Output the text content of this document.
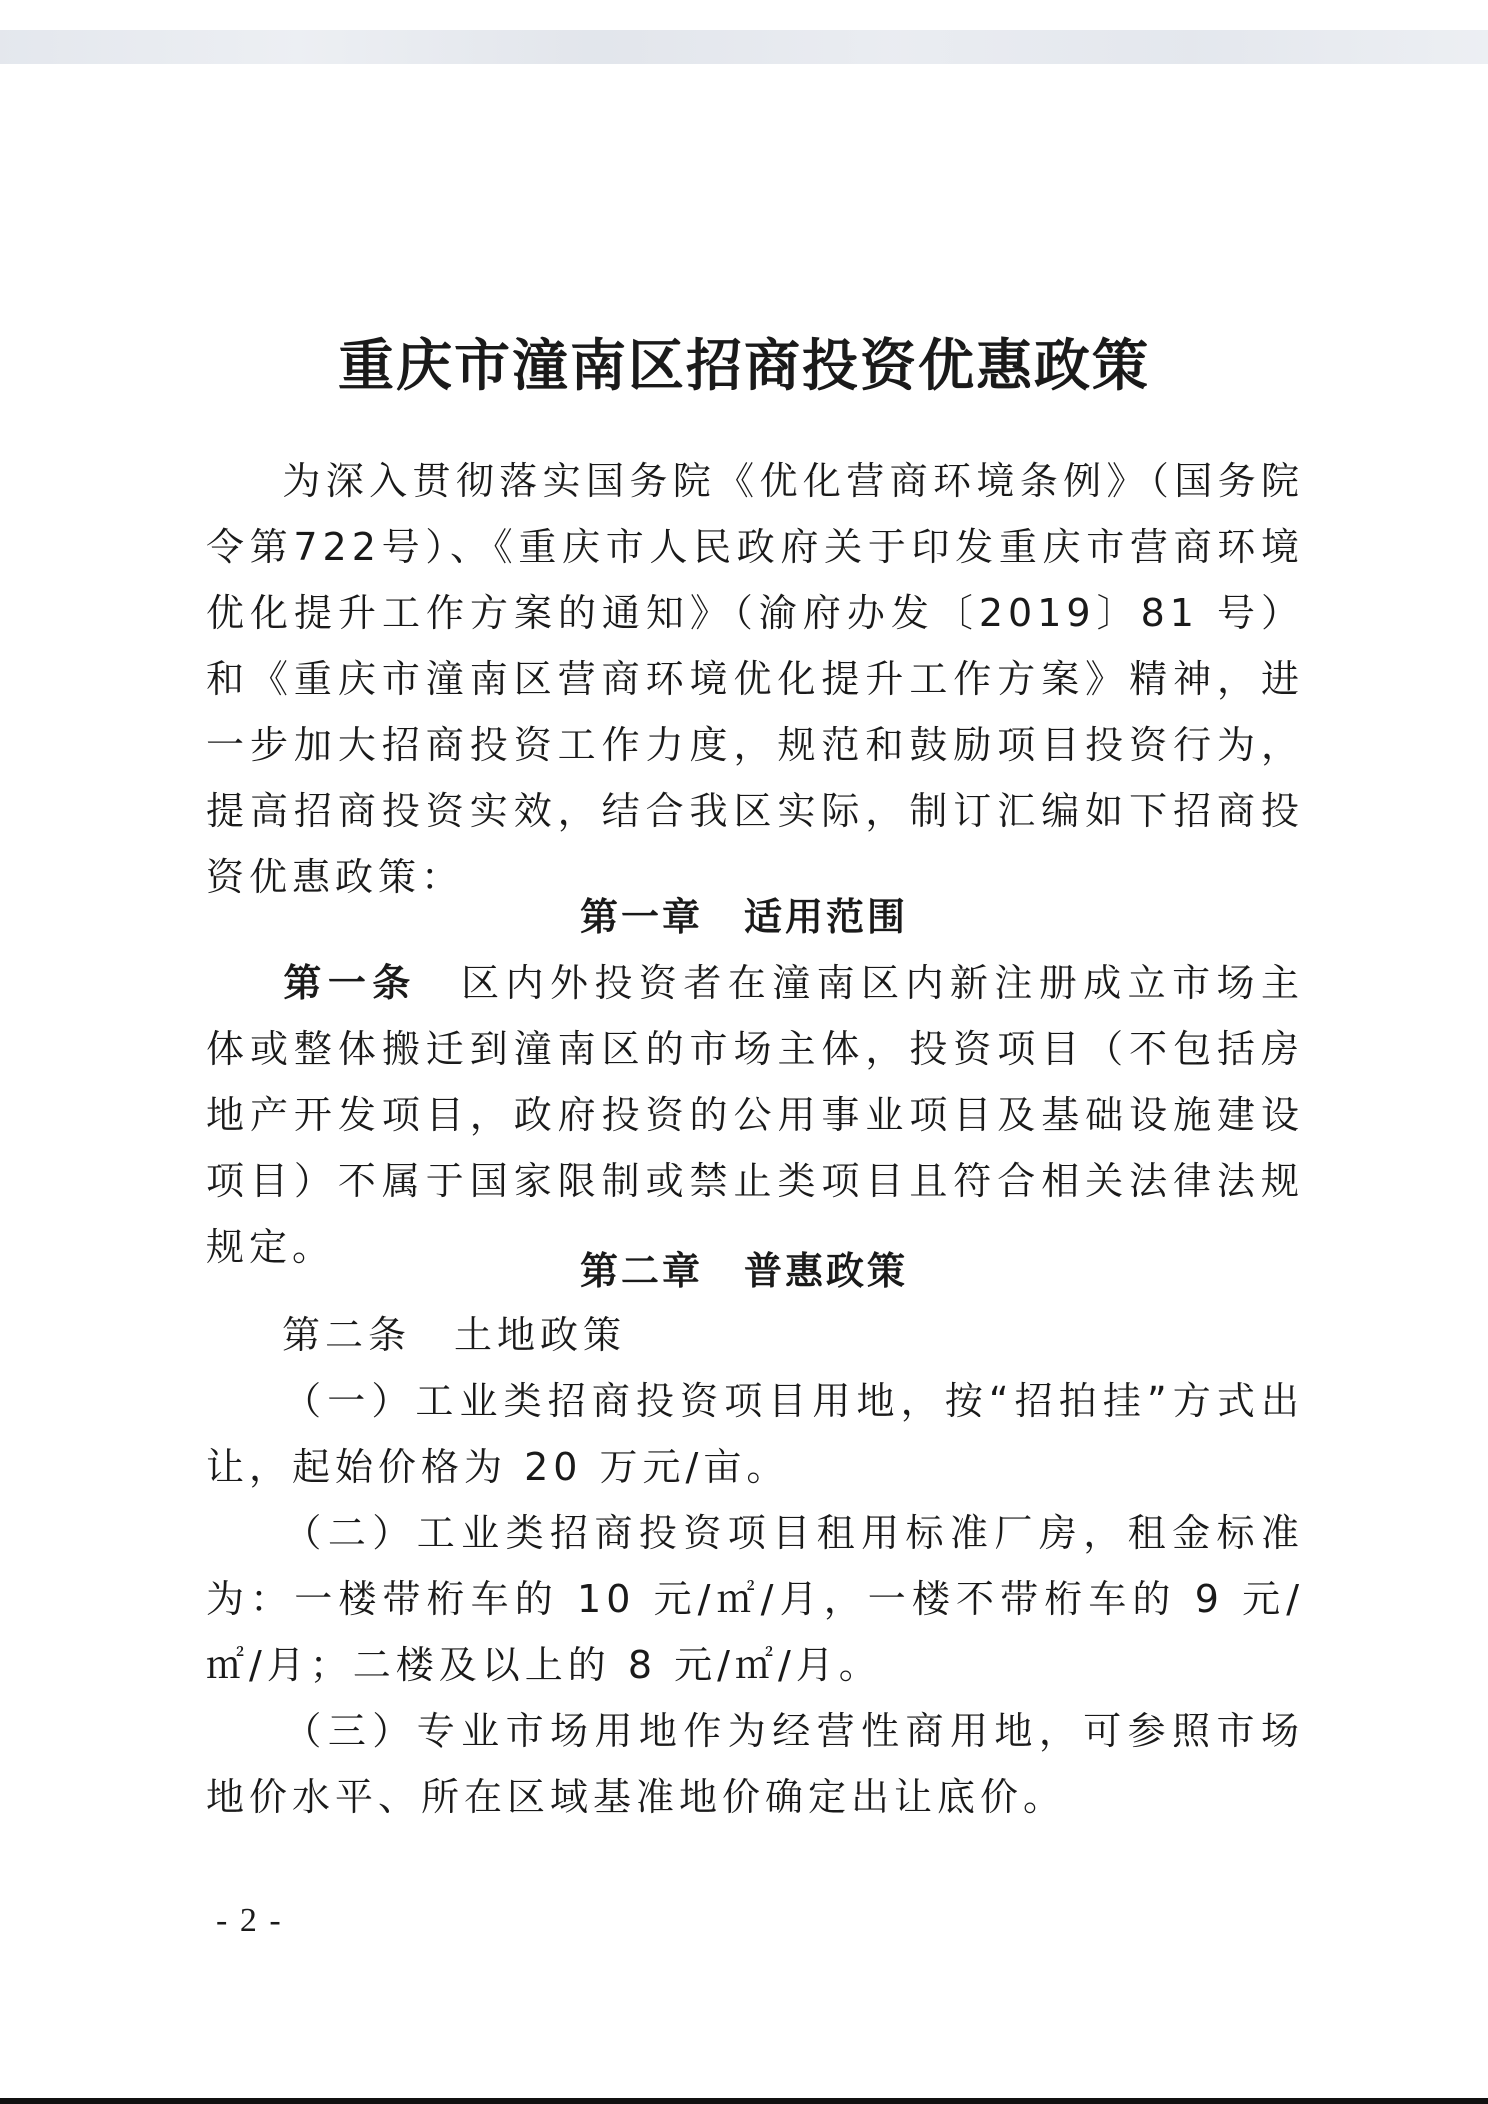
重庆市潼南区招商投资优惠政策
为深入贯彻落实国务院《优化营商环境条例》（国务院令第722号）、《重庆市人民政府关于印发重庆市营商环境优化提升工作方案的通知》（渝府办发〔2019〕81 号）和《重庆市潼南区营商环境优化提升工作方案》精神，进一步加大招商投资工作力度，规范和鼓励项目投资行为，提高招商投资实效，结合我区实际，制订汇编如下招商投资优惠政策：
第一章　适用范围
第一条　区内外投资者在潼南区内新注册成立市场主体或整体搬迁到潼南区的市场主体，投资项目（不包括房地产开发项目，政府投资的公用事业项目及基础设施建设项目）不属于国家限制或禁止类项目且符合相关法律法规规定。
第二章　普惠政策
第二条　土地政策
（一）工业类招商投资项目用地，按“招拍挂”方式出让，起始价格为 20 万元/亩。
（二）工业类招商投资项目租用标准厂房，租金标准为：一楼带桁车的 10 元/㎡/月，一楼不带桁车的 9 元/㎡/月；二楼及以上的 8 元/㎡/月。
（三）专业市场用地作为经营性商用地，可参照市场地价水平、所在区域基准地价确定出让底价。
- 2 -
